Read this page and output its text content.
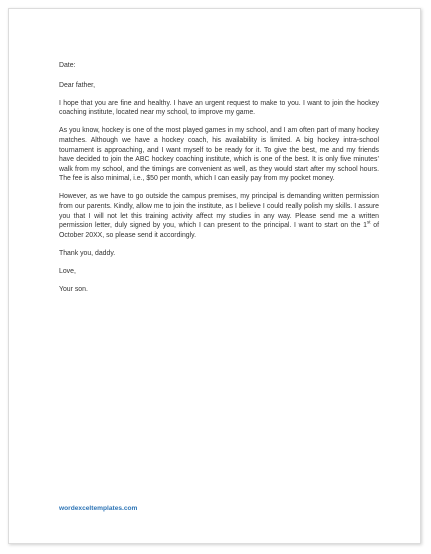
Date:

Dear father,

I hope that you are fine and healthy. I have an urgent request to make to you. I want to join the hockey coaching institute, located near my school, to improve my game.

As you know, hockey is one of the most played games in my school, and I am often part of many hockey matches. Although we have a hockey coach, his availability is limited. A big hockey intra-school tournament is approaching, and I want myself to be ready for it. To give the best, me and my friends have decided to join the ABC hockey coaching institute, which is one of the best. It is only five minutes’ walk from my school, and the timings are convenient as well, as they would start after my school hours. The fee is also minimal, i.e., $50 per month, which I can easily pay from my pocket money.

However, as we have to go outside the campus premises, my principal is demanding written permission from our parents. Kindly, allow me to join the institute, as I believe I could really polish my skills. I assure you that I will not let this training activity affect my studies in any way. Please send me a written permission letter, duly signed by you, which I can present to the principal. I want to start on the 1st of October 20XX, so please send it accordingly.

Thank you, daddy.

Love,

Your son.

wordexceltemplates.com
